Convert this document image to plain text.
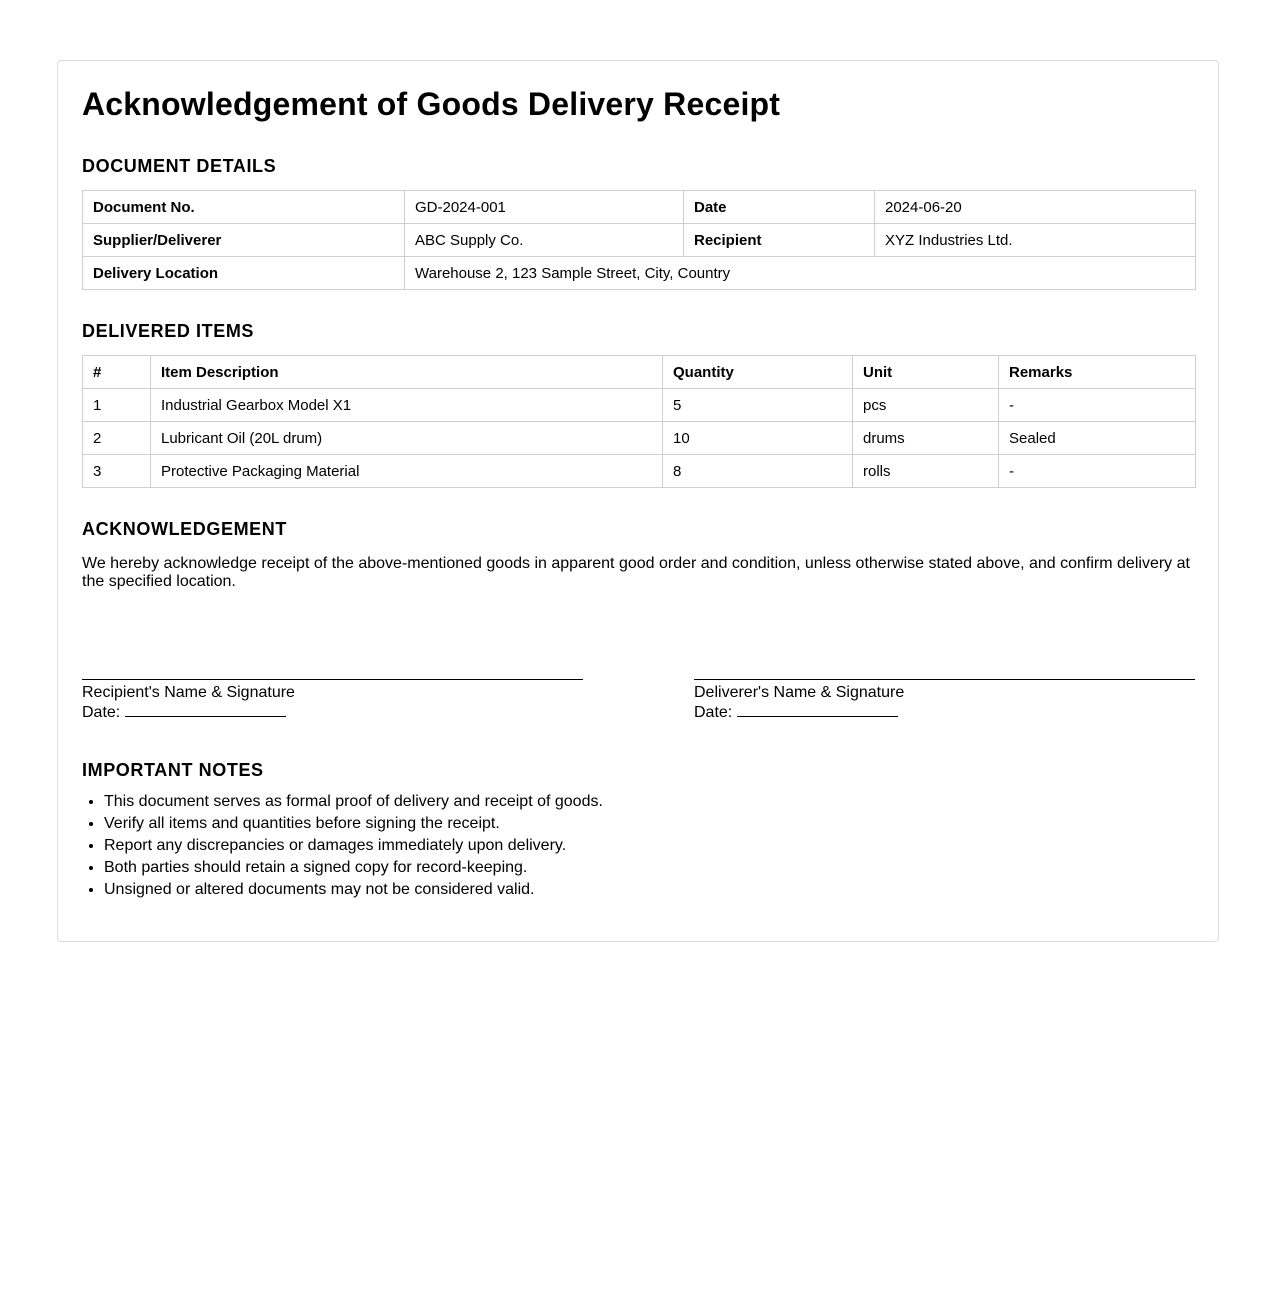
Acknowledgement of Goods Delivery Receipt
DOCUMENT DETAILS
Document No.	GD-2024-001	Date	2024-06-20
Supplier/Deliverer	ABC Supply Co.	Recipient	XYZ Industries Ltd.
Delivery Location	Warehouse 2, 123 Sample Street, City, Country		
DELIVERED ITEMS
#	Item Description	Quantity	Unit	Remarks
1	Industrial Gearbox Model X1	5	pcs	-
2	Lubricant Oil (20L drum)	10	drums	Sealed
3	Protective Packaging Material	8	rolls	-
ACKNOWLEDGEMENT

We hereby acknowledge receipt of the above-mentioned goods in apparent good order and condition, unless otherwise stated above, and confirm delivery at the specified location.

Recipient's Name & Signature
Date:
Deliverer's Name & Signature
Date:
IMPORTANT NOTES
• This document serves as formal proof of delivery and receipt of goods.
• Verify all items and quantities before signing the receipt.
• Report any discrepancies or damages immediately upon delivery.
• Both parties should retain a signed copy for record-keeping.
• Unsigned or altered documents may not be considered valid.
